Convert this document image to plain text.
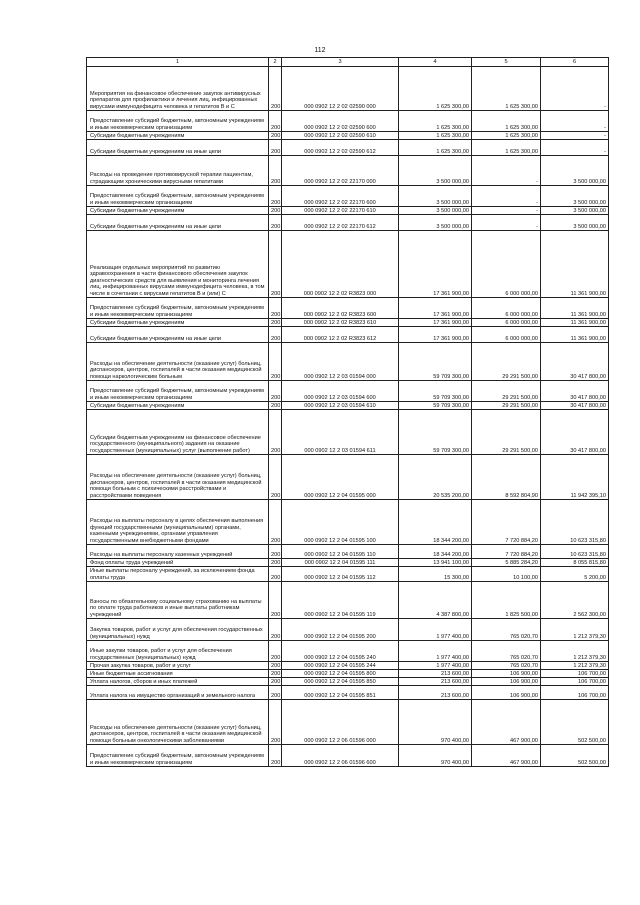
112
1	2	3	4	5	6
Мероприятия на финансовое обеспечение закупок антивирусных препаратов для профилактики и лечения лиц, инфицированных вирусами иммунодефицита человека и гепатитов В и С	200	000 0902 12 2 02 02590 000	1 625 300,00	1 625 300,00	-
Предоставление субсидий бюджетным, автономным учреждениям и иным некоммерческим организациям	200	000 0902 12 2 02 02590 600	1 625 300,00	1 625 300,00	-
Субсидии бюджетным учреждениям	200	000 0902 12 2 02 02590 610	1 625 300,00	1 625 300,00	-
Субсидии бюджетным учреждениям на иные цели	200	000 0902 12 2 02 02590 612	1 625 300,00	1 625 300,00	-
Расходы на проведение противовирусной терапии пациентам, страдающим хроническими вирусными гепатитами	200	000 0902 12 2 02 22170 000	3 500 000,00	-	3 500 000,00
Предоставление субсидий бюджетным, автономным учреждениям и иным некоммерческим организациям	200	000 0902 12 2 02 22170 600	3 500 000,00	-	3 500 000,00
Субсидии бюджетным учреждениям	200	000 0902 12 2 02 22170 610	3 500 000,00	-	3 500 000,00
Субсидии бюджетным учреждениям на иные цели	200	000 0902 12 2 02 22170 612	3 500 000,00	-	3 500 000,00
Реализация отдельных мероприятий по развитию здравоохранения в части финансового обеспечения закупок диагностических средств для выявления и мониторинга лечения лиц, инфицированных вирусами иммунодефицита человека, в том числе в сочетании с вирусами гепатитов В и (или) С	200	000 0902 12 2 02 R3823 000	17 361 900,00	6 000 000,00	11 361 900,00
Предоставление субсидий бюджетным, автономным учреждениям и иным некоммерческим организациям	200	000 0902 12 2 02 R3823 600	17 361 900,00	6 000 000,00	11 361 900,00
Субсидии бюджетным учреждениям	200	000 0902 12 2 02 R3823 610	17 361 900,00	6 000 000,00	11 361 900,00
Субсидии бюджетным учреждениям на иные цели	200	000 0902 12 2 02 R3823 612	17 361 900,00	6 000 000,00	11 361 900,00
Расходы на обеспечение деятельности (оказание услуг) больниц, диспансеров, центров, госпиталей в части оказания медицинской помощи наркологическим больным	200	000 0902 12 2 03 01594 000	59 709 300,00	29 291 500,00	30 417 800,00
Предоставление субсидий бюджетным, автономным учреждениям и иным некоммерческим организациям	200	000 0902 12 2 03 01594 600	59 709 300,00	29 291 500,00	30 417 800,00
Субсидии бюджетным учреждениям	200	000 0902 12 2 03 01594 610	59 709 300,00	29 291 500,00	30 417 800,00
Субсидии бюджетным учреждениям на финансовое обеспечение государственного (муниципального) задания на оказание государственных (муниципальных) услуг (выполнение работ)	200	000 0902 12 2 03 01594 611	59 709 300,00	29 291 500,00	30 417 800,00
Расходы на обеспечение деятельности (оказание услуг) больниц, диспансеров, центров, госпиталей в части оказания медицинской помощи больным с психическими расстройствами и расстройствами поведения	200	000 0902 12 2 04 01595 000	20 535 200,00	8 592 804,90	11 942 395,10
Расходы на выплаты персоналу в целях обеспечения выполнения функций государственными (муниципальными) органами, казенными учреждениями, органами управления государственными внебюджетными фондами	200	000 0902 12 2 04 01595 100	18 344 200,00	7 720 884,20	10 623 315,80
Расходы на выплаты персоналу казенных учреждений	200	000 0902 12 2 04 01595 110	18 344 200,00	7 720 884,20	10 623 315,80
Фонд оплаты труда учреждений	200	000 0902 12 2 04 01595 111	13 941 100,00	5 885 284,20	8 055 815,80
Иные выплаты персоналу учреждений, за исключением фонда оплаты труда	200	000 0902 12 2 04 01595 112	15 300,00	10 100,00	5 200,00
Взносы по обязательному социальному страхованию на выплаты по оплате труда работников и иные выплаты работникам учреждений	200	000 0902 12 2 04 01595 119	4 387 800,00	1 825 500,00	2 562 300,00
Закупка товаров, работ и услуг для обеспечения государственных (муниципальных) нужд	200	000 0902 12 2 04 01595 200	1 977 400,00	765 020,70	1 212 379,30
Иные закупки товаров, работ и услуг для обеспечения государственных (муниципальных) нужд	200	000 0902 12 2 04 01595 240	1 977 400,00	765 020,70	1 212 379,30
Прочая закупка товаров, работ и услуг	200	000 0902 12 2 04 01595 244	1 977 400,00	765 020,70	1 212 379,30
Иные бюджетные ассигнования	200	000 0902 12 2 04 01595 800	213 600,00	106 900,00	106 700,00
Уплата налогов, сборов и иных платежей	200	000 0902 12 2 04 01595 850	213 600,00	106 900,00	106 700,00
Уплата налога на имущество организаций и земельного налога	200	000 0902 12 2 04 01595 851	213 600,00	106 900,00	106 700,00
Расходы на обеспечение деятельности (оказание услуг) больниц, диспансеров, центров, госпиталей в части оказания медицинской помощи больным онкологическими заболеваниями	200	000 0902 12 2 06 01596 000	970 400,00	467 900,00	502 500,00
Предоставление субсидий бюджетным, автономным учреждениям и иным некоммерческим организациям	200	000 0902 12 2 06 01596 600	970 400,00	467 900,00	502 500,00
